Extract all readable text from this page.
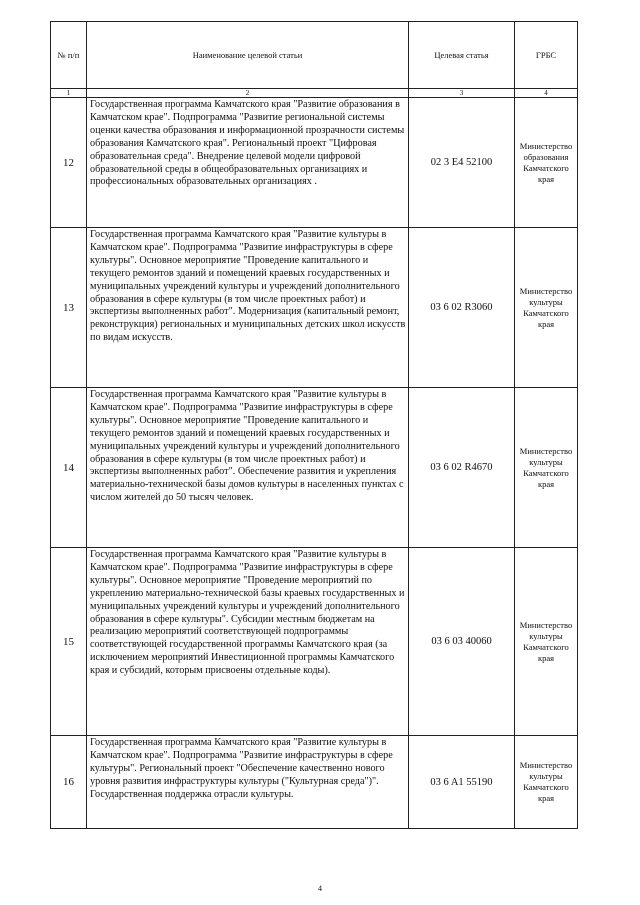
№ п/п	Наименование целевой статьи	Целевая статья	ГРБС
1	2	3	4
12	Государственная программа Камчатского края "Развитие образования в Камчатском крае". Подпрограмма "Развитие региональной системы оценки качества образования и информационной прозрачности системы образования Камчатского края". Региональный проект "Цифровая образовательная среда". Внедрение целевой модели цифровой образовательной среды в общеобразовательных организациях и профессиональных образовательных организациях .	02 3 E4 52100	Министерство образования Камчатского края
13	Государственная программа Камчатского края "Развитие культуры в Камчатском крае". Подпрограмма "Развитие инфраструктуры в сфере культуры". Основное мероприятие "Проведение капитального и текущего ремонтов зданий и помещений краевых государственных и муниципальных учреждений культуры и учреждений дополнительного образования в сфере культуры (в том числе проектных работ) и экспертизы выполненных работ". Модернизация (капитальный ремонт, реконструкция) региональных и муниципальных детских школ искусств по видам искусств.	03 6 02 R3060	Министерство культуры Камчатского края
14	Государственная программа Камчатского края "Развитие культуры в Камчатском крае". Подпрограмма "Развитие инфраструктуры в сфере культуры". Основное мероприятие "Проведение капитального и текущего ремонтов зданий и помещений краевых государственных и муниципальных учреждений культуры и учреждений дополнительного образования в сфере культуры (в том числе проектных работ) и экспертизы выполненных работ". Обеспечение развития и укрепления материально-технической базы домов культуры в населенных пунктах с числом жителей до 50 тысяч человек.	03 6 02 R4670	Министерство культуры Камчатского края
15	Государственная программа Камчатского края "Развитие культуры в Камчатском крае". Подпрограмма "Развитие инфраструктуры в сфере культуры". Основное мероприятие "Проведение мероприятий по укреплению материально-технической базы краевых государственных и муниципальных учреждений культуры и учреждений дополнительного образования в сфере культуры". Субсидии местным бюджетам на реализацию мероприятий соответствующей подпрограммы соответствующей государственной программы Камчатского края (за исключением мероприятий Инвестиционной программы Камчатского края и субсидий, которым присвоены отдельные коды).	03 6 03 40060	Министерство культуры Камчатского края
16	Государственная программа Камчатского края "Развитие культуры в Камчатском крае". Подпрограмма "Развитие инфраструктуры в сфере культуры". Региональный проект "Обеспечение качественно нового уровня развития инфраструктуры культуры ("Культурная среда")". Государственная поддержка отрасли культуры.	03 6 A1 55190	Министерство культуры Камчатского края
4
